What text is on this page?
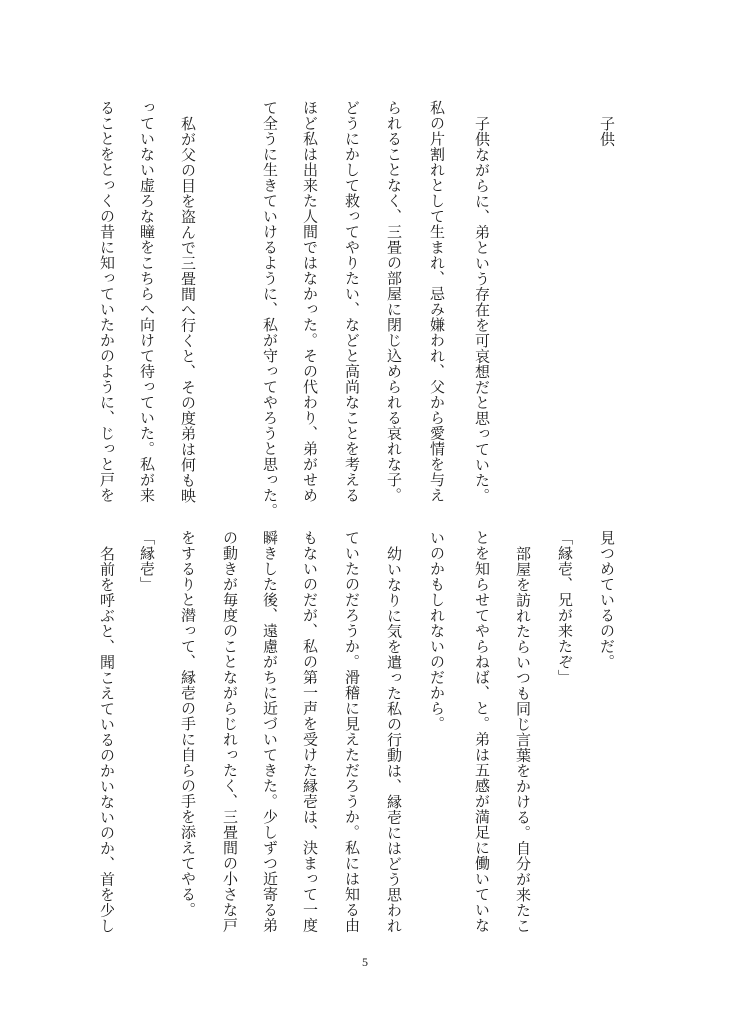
子供
子供ながらに、弟という存在を可哀想だと思っていた。
私の片割れとして生まれ、忌み嫌われ、父から愛情を与え
られることなく、三畳の部屋に閉じ込められる哀れな子。
どうにかして救ってやりたい、などと高尚なことを考える
ほど私は出来た人間ではなかった。その代わり、弟がせめ
て全うに生きていけるように、私が守ってやろうと思った。
私が父の目を盗んで三畳間へ行くと、その度弟は何も映
っていない虚ろな瞳をこちらへ向けて待っていた。私が来
ることをとっくの昔に知っていたかのように、じっと戸を
見つめているのだ。
「縁壱、兄が来たぞ」
部屋を訪れたらいつも同じ言葉をかける。自分が来たこ
とを知らせてやらねば、と。弟は五感が満足に働いていな
いのかもしれないのだから。
幼いなりに気を遣った私の行動は、縁壱にはどう思われ
ていたのだろうか。滑稽に見えただろうか。私には知る由
もないのだが、私の第一声を受けた縁壱は、決まって一度
瞬きした後、遠慮がちに近づいてきた。少しずつ近寄る弟
の動きが毎度のことながらじれったく、三畳間の小さな戸
をするりと潜って、縁壱の手に自らの手を添えてやる。
「縁壱」
名前を呼ぶと、聞こえているのかいないのか、首を少し
5
